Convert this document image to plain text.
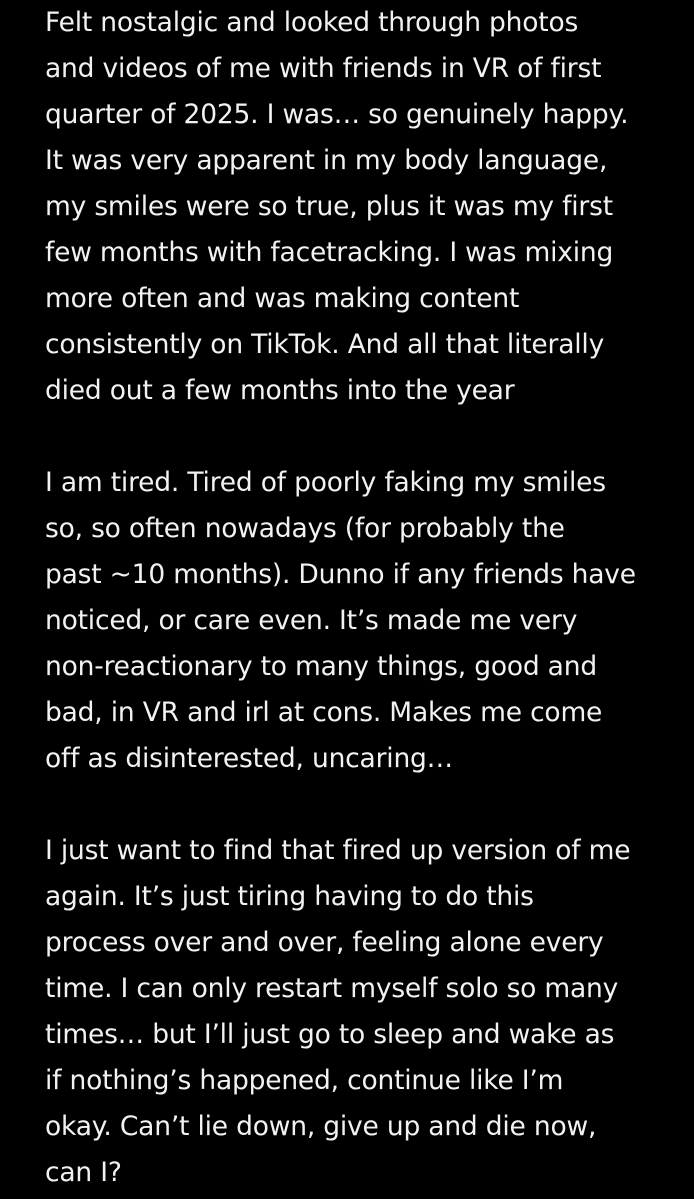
Felt nostalgic and looked through photos
and videos of me with friends in VR of first
quarter of 2025. I was… so genuinely happy.
It was very apparent in my body language,
my smiles were so true, plus it was my first
few months with facetracking. I was mixing
more often and was making content
consistently on TikTok. And all that literally
died out a few months into the year
I am tired. Tired of poorly faking my smiles
so, so often nowadays (for probably the
past ~10 months). Dunno if any friends have
noticed, or care even. It’s made me very
non-reactionary to many things, good and
bad, in VR and irl at cons. Makes me come
off as disinterested, uncaring…
I just want to find that fired up version of me
again. It’s just tiring having to do this
process over and over, feeling alone every
time. I can only restart myself solo so many
times… but I’ll just go to sleep and wake as
if nothing’s happened, continue like I’m
okay. Can’t lie down, give up and die now,
can I?
